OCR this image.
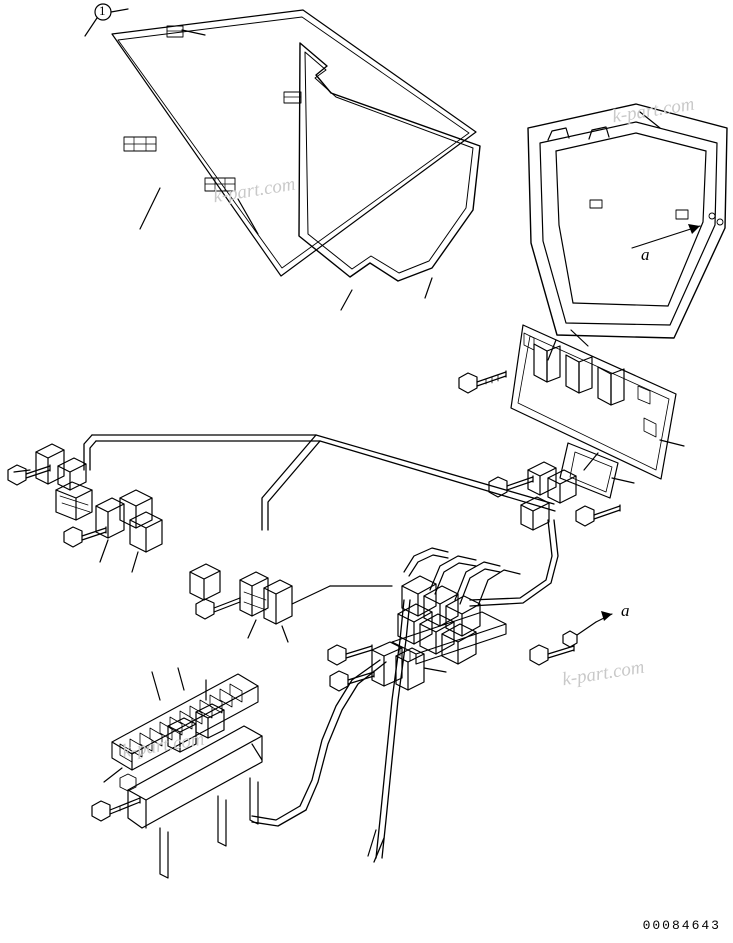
k-part.com
k-part.com
k-part.com
k-part.com
a
a
1
00084643
